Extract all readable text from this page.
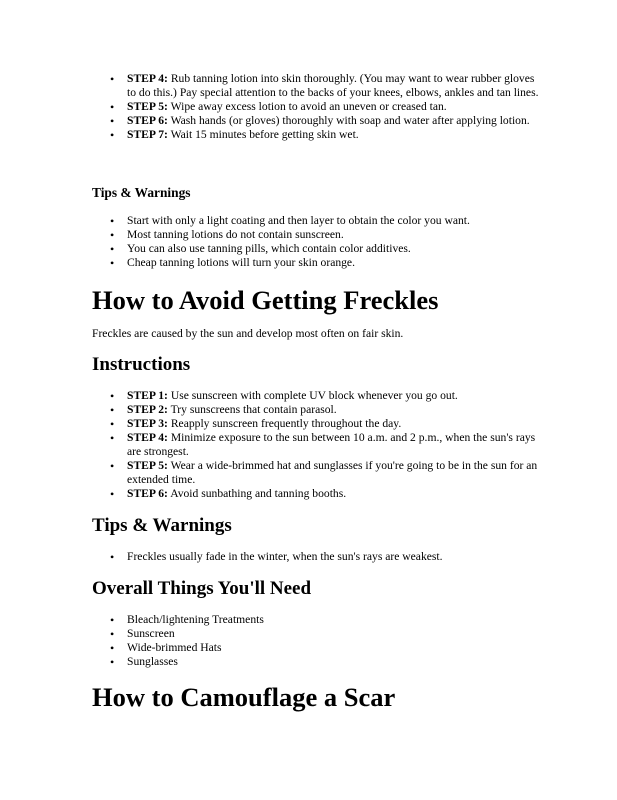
• STEP 4: Rub tanning lotion into skin thoroughly. (You may want to wear rubber gloves to do this.) Pay special attention to the backs of your knees, elbows, ankles and tan lines.
• STEP 5: Wipe away excess lotion to avoid an uneven or creased tan.
• STEP 6: Wash hands (or gloves) thoroughly with soap and water after applying lotion.
• STEP 7: Wait 15 minutes before getting skin wet.
Tips & Warnings
• Start with only a light coating and then layer to obtain the color you want.
• Most tanning lotions do not contain sunscreen.
• You can also use tanning pills, which contain color additives.
• Cheap tanning lotions will turn your skin orange.
How to Avoid Getting Freckles

Freckles are caused by the sun and develop most often on fair skin.

Instructions
• STEP 1: Use sunscreen with complete UV block whenever you go out.
• STEP 2: Try sunscreens that contain parasol.
• STEP 3: Reapply sunscreen frequently throughout the day.
• STEP 4: Minimize exposure to the sun between 10 a.m. and 2 p.m., when the sun's rays are strongest.
• STEP 5: Wear a wide-brimmed hat and sunglasses if you're going to be in the sun for an extended time.
• STEP 6: Avoid sunbathing and tanning booths.
Tips & Warnings
• Freckles usually fade in the winter, when the sun's rays are weakest.
Overall Things You'll Need
• Bleach/lightening Treatments
• Sunscreen
• Wide-brimmed Hats
• Sunglasses
How to Camouflage a Scar
